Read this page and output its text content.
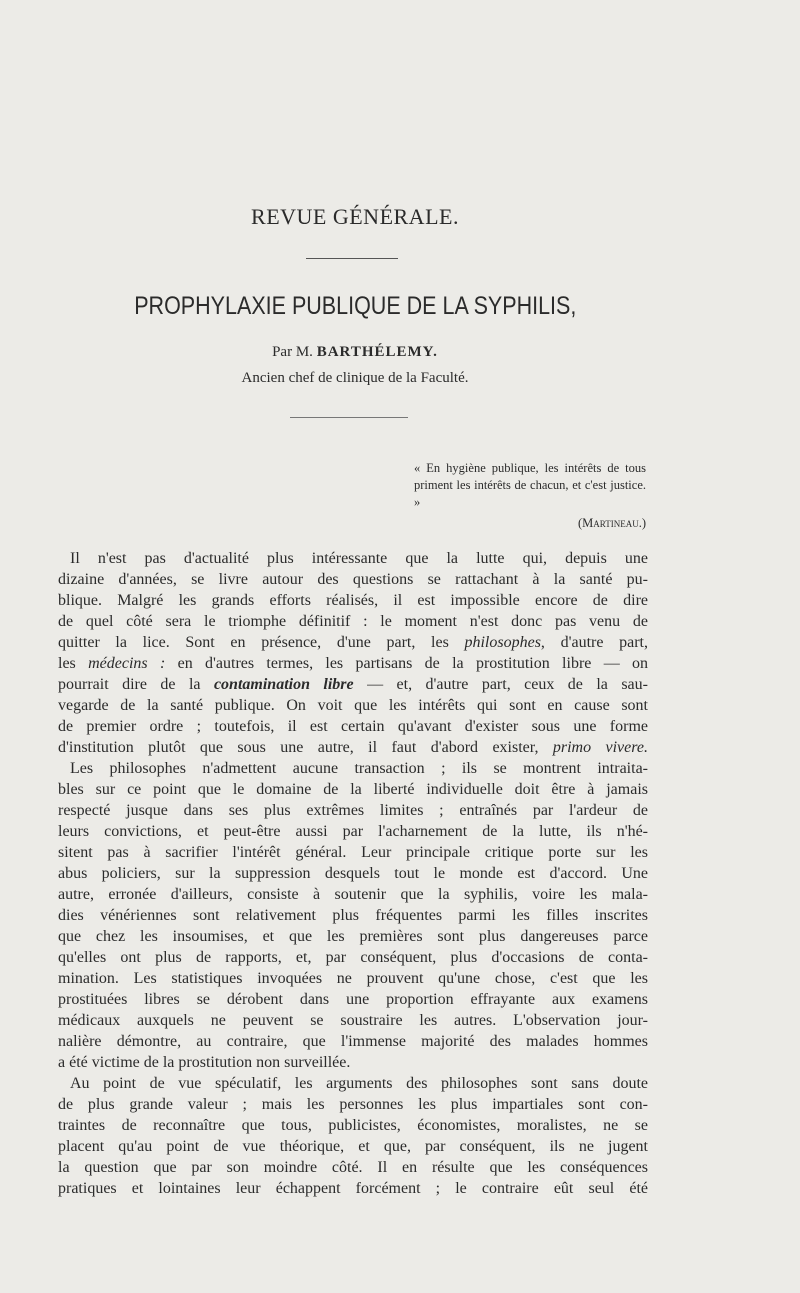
REVUE GÉNÉRALE.
PROPHYLAXIE PUBLIQUE DE LA SYPHILIS,
Par M. BARTHÉLEMY.
Ancien chef de clinique de la Faculté.
« En hygiène publique, les intérêts de tous priment les intérêts de chacun, et c'est justice. »
(Martineau.)

Il n'est pas d'actualité plus intéressante que la lutte qui, depuis une
dizaine d'années, se livre autour des questions se rattachant à la santé pu-
blique. Malgré les grands efforts réalisés, il est impossible encore de dire
de quel côté sera le triomphe définitif : le moment n'est donc pas venu de
quitter la lice. Sont en présence, d'une part, les philosophes, d'autre part,
les médecins : en d'autres termes, les partisans de la prostitution libre — on
pourrait dire de la contamination libre — et, d'autre part, ceux de la sau-
vegarde de la santé publique. On voit que les intérêts qui sont en cause sont
de premier ordre ; toutefois, il est certain qu'avant d'exister sous une forme
d'institution plutôt que sous une autre, il faut d'abord exister, primo vivere.

Les philosophes n'admettent aucune transaction ; ils se montrent intraita-
bles sur ce point que le domaine de la liberté individuelle doit être à jamais
respecté jusque dans ses plus extrêmes limites ; entraînés par l'ardeur de
leurs convictions, et peut-être aussi par l'acharnement de la lutte, ils n'hé-
sitent pas à sacrifier l'intérêt général. Leur principale critique porte sur les
abus policiers, sur la suppression desquels tout le monde est d'accord. Une
autre, erronée d'ailleurs, consiste à soutenir que la syphilis, voire les mala-
dies vénériennes sont relativement plus fréquentes parmi les filles inscrites
que chez les insoumises, et que les premières sont plus dangereuses parce
qu'elles ont plus de rapports, et, par conséquent, plus d'occasions de conta-
mination. Les statistiques invoquées ne prouvent qu'une chose, c'est que les
prostituées libres se dérobent dans une proportion effrayante aux examens
médicaux auxquels ne peuvent se soustraire les autres. L'observation jour-
nalière démontre, au contraire, que l'immense majorité des malades hommes
a été victime de la prostitution non surveillée.

Au point de vue spéculatif, les arguments des philosophes sont sans doute
de plus grande valeur ; mais les personnes les plus impartiales sont con-
traintes de reconnaître que tous, publicistes, économistes, moralistes, ne se
placent qu'au point de vue théorique, et que, par conséquent, ils ne jugent
la question que par son moindre côté. Il en résulte que les conséquences
pratiques et lointaines leur échappent forcément ; le contraire eût seul été
